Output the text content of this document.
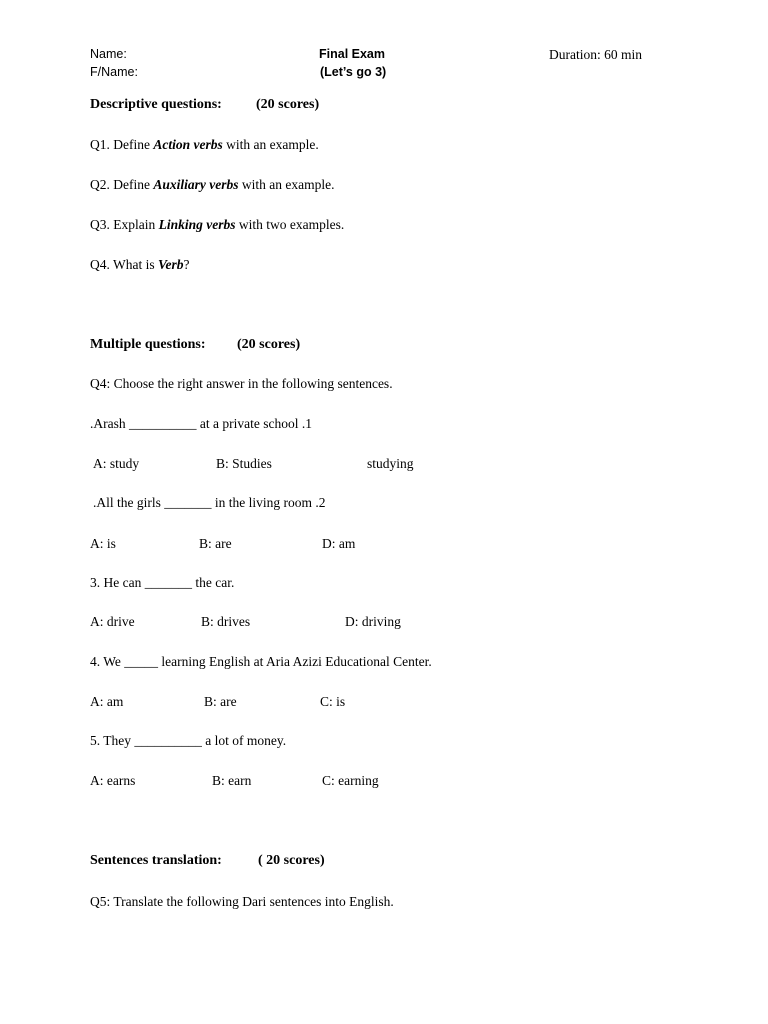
Name:
F/Name:
Final Exam
(Let’s go 3)
Duration: 60 min
Descriptive questions: (20 scores)
Q1. Define Action verbs with an example.
Q2. Define Auxiliary verbs with an example.
Q3. Explain Linking verbs with two examples.
Q4. What is Verb?
Multiple questions: (20 scores)
Q4: Choose the right answer in the following sentences.
.Arash __________ at a private school .1
A: study	B: Studies	studying
.All the girls _______ in the living room .2
A: is	B: are	D: am
3. He can _______ the car.
A: drive	B: drives	D: driving
4. We _____ learning English at Aria Azizi Educational Center.
A: am	B: are	C: is
5. They __________ a lot of money.
A: earns	B: earn	C: earning
Sentences translation:	( 20 scores)
Q5: Translate the following Dari sentences into English.
